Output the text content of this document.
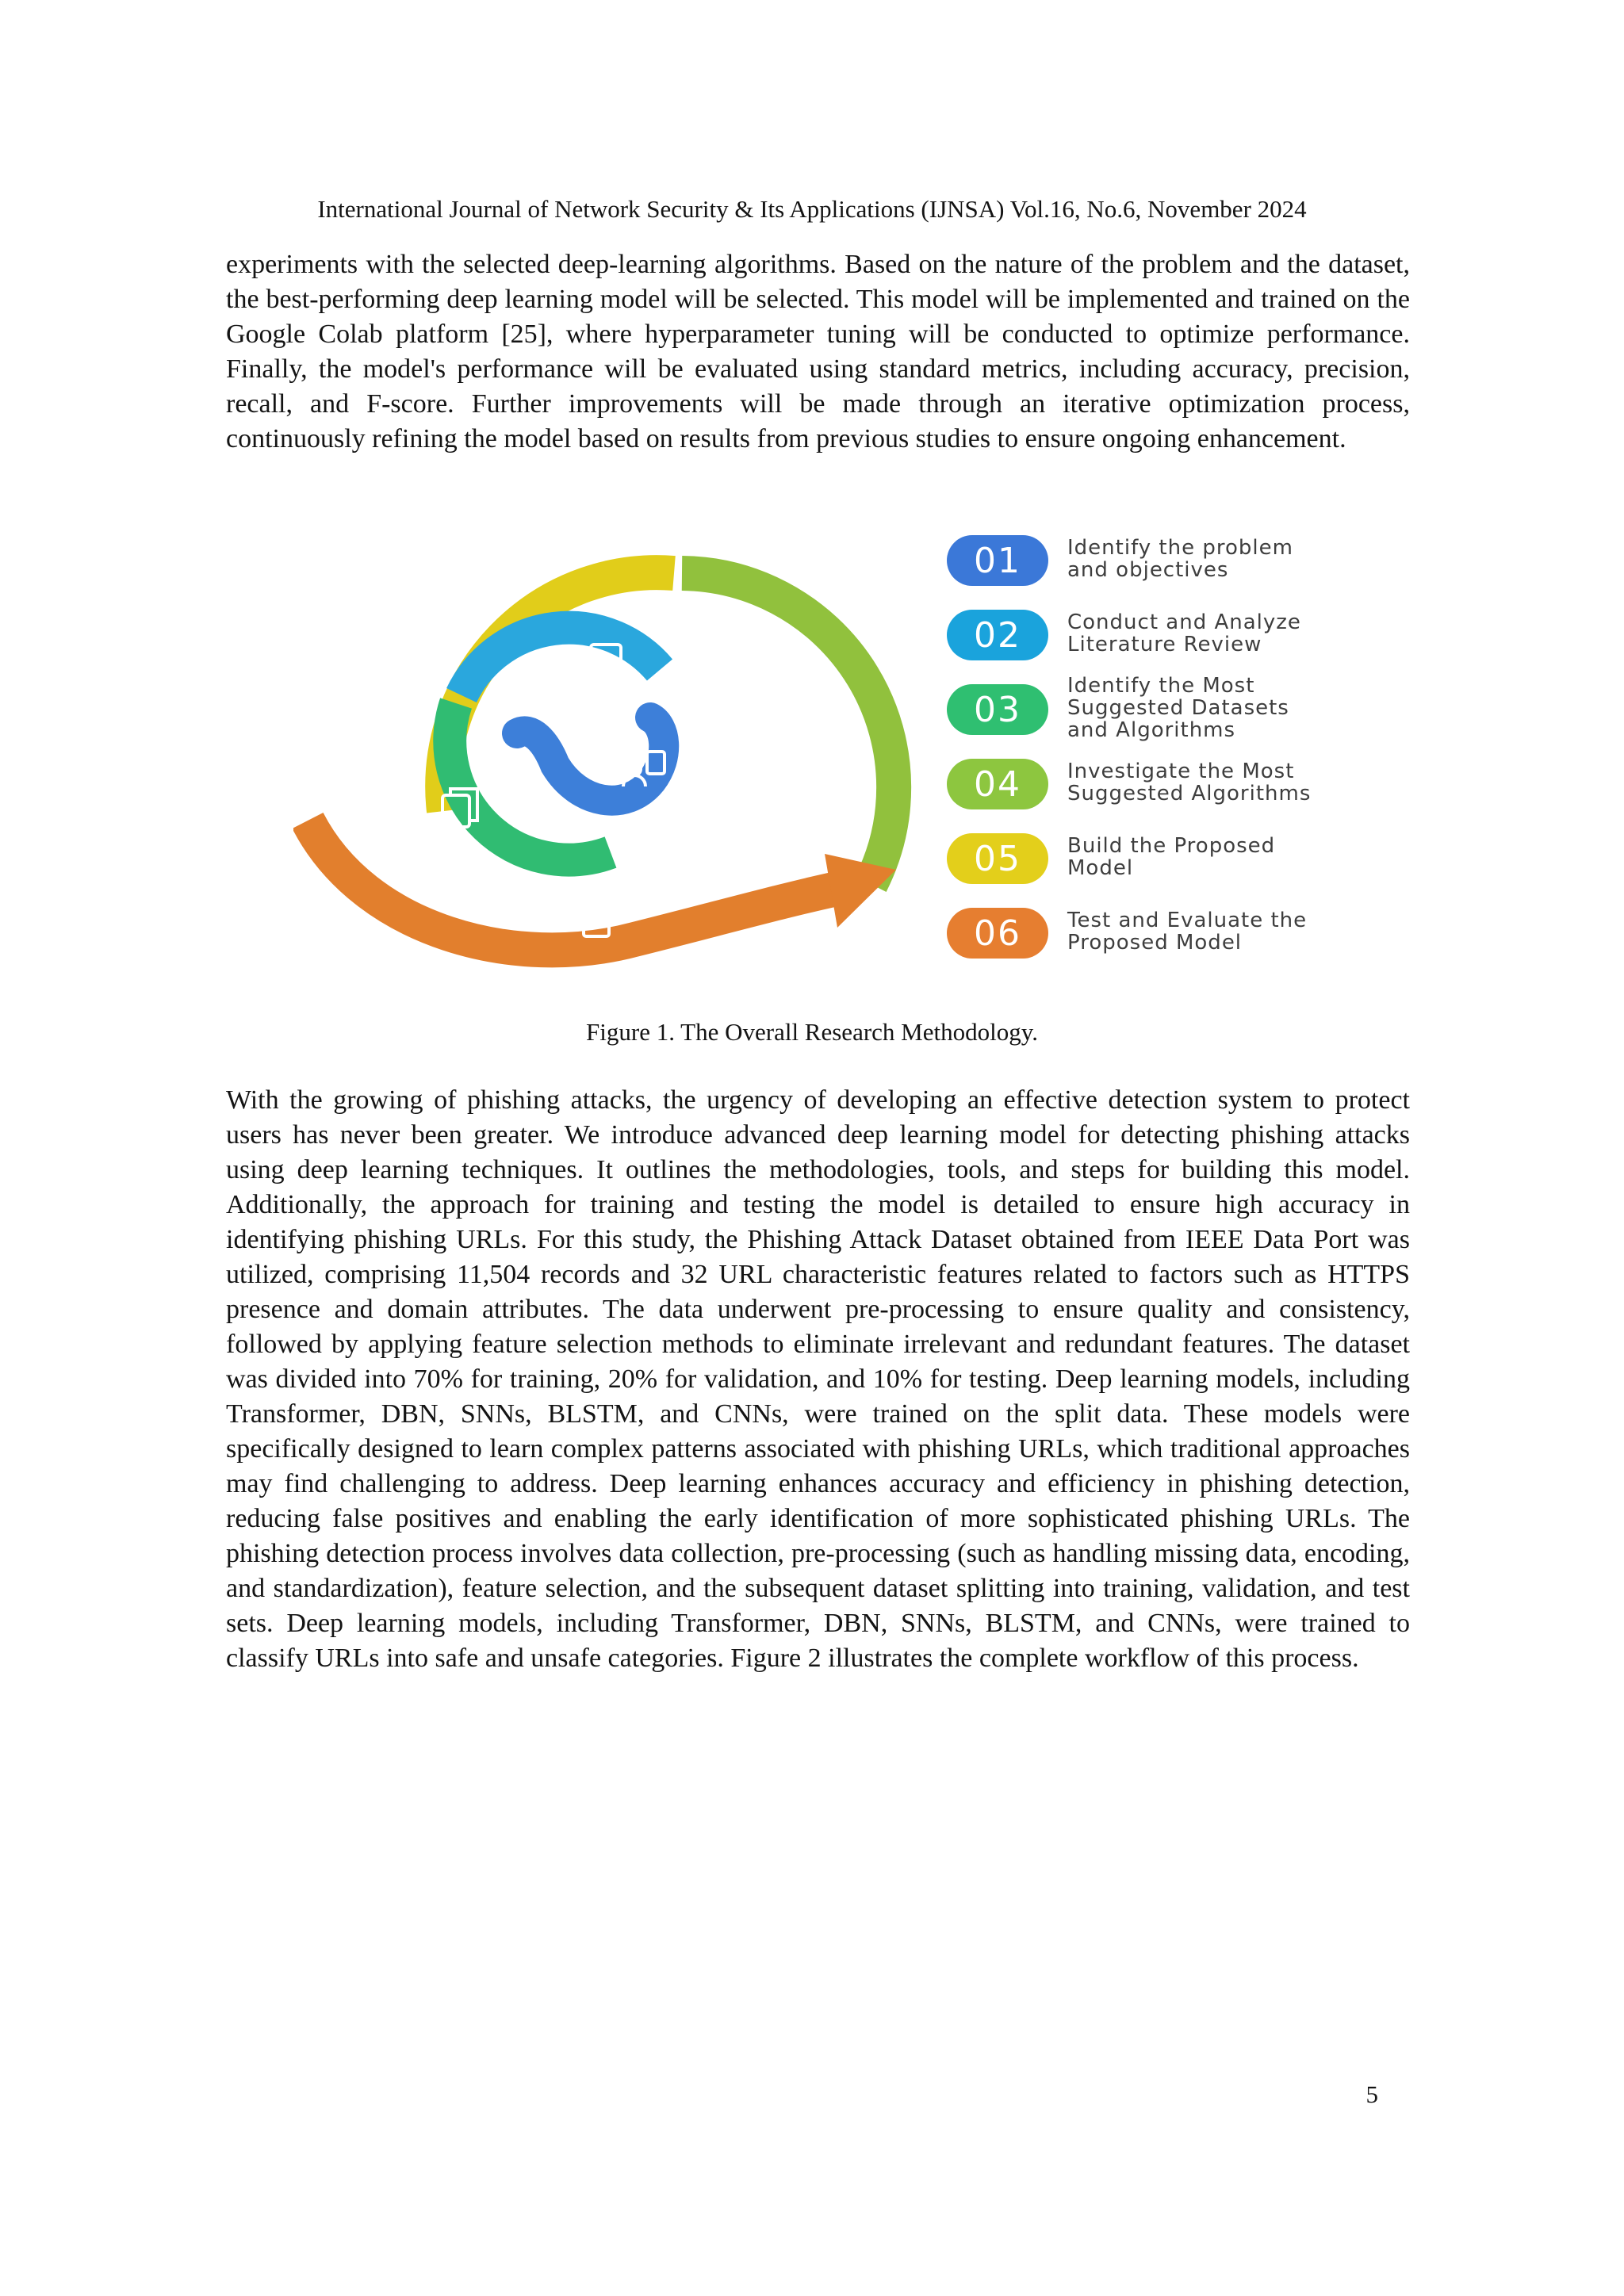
International Journal of Network Security & Its Applications (IJNSA) Vol.16, No.6, November 2024

experiments with the selected deep-learning algorithms. Based on the nature of the problem and the dataset, the best-performing deep learning model will be selected. This model will be implemented and trained on the Google Colab platform [25], where hyperparameter tuning will be conducted to optimize performance. Finally, the model's performance will be evaluated using standard metrics, including accuracy, precision, recall, and F-score. Further improvements will be made through an iterative optimization process, continuously refining the model based on results from previous studies to ensure ongoing enhancement.

01 Identify the problem
and objectives
02 Conduct and Analyze
Literature Review
03
Identify the Most
Suggested Datasets
and Algorithms
04 Investigate the Most
Suggested Algorithms
05 Build the Proposed
Model
06 Test and Evaluate the
Proposed Model
Figure 1. The Overall Research Methodology.

With the growing of phishing attacks, the urgency of developing an effective detection system to protect users has never been greater. We introduce advanced deep learning model for detecting phishing attacks using deep learning techniques. It outlines the methodologies, tools, and steps for building this model. Additionally, the approach for training and testing the model is detailed to ensure high accuracy in identifying phishing URLs. For this study, the Phishing Attack Dataset obtained from IEEE Data Port was utilized, comprising 11,504 records and 32 URL characteristic features related to factors such as HTTPS presence and domain attributes. The data underwent pre-processing to ensure quality and consistency, followed by applying feature selection methods to eliminate irrelevant and redundant features. The dataset was divided into 70% for training, 20% for validation, and 10% for testing. Deep learning models, including Transformer, DBN, SNNs, BLSTM, and CNNs, were trained on the split data. These models were specifically designed to learn complex patterns associated with phishing URLs, which traditional approaches may find challenging to address. Deep learning enhances accuracy and efficiency in phishing detection, reducing false positives and enabling the early identification of more sophisticated phishing URLs. The phishing detection process involves data collection, pre-processing (such as handling missing data, encoding, and standardization), feature selection, and the subsequent dataset splitting into training, validation, and test sets. Deep learning models, including Transformer, DBN, SNNs, BLSTM, and CNNs, were trained to classify URLs into safe and unsafe categories. Figure 2 illustrates the complete workflow of this process.

5
